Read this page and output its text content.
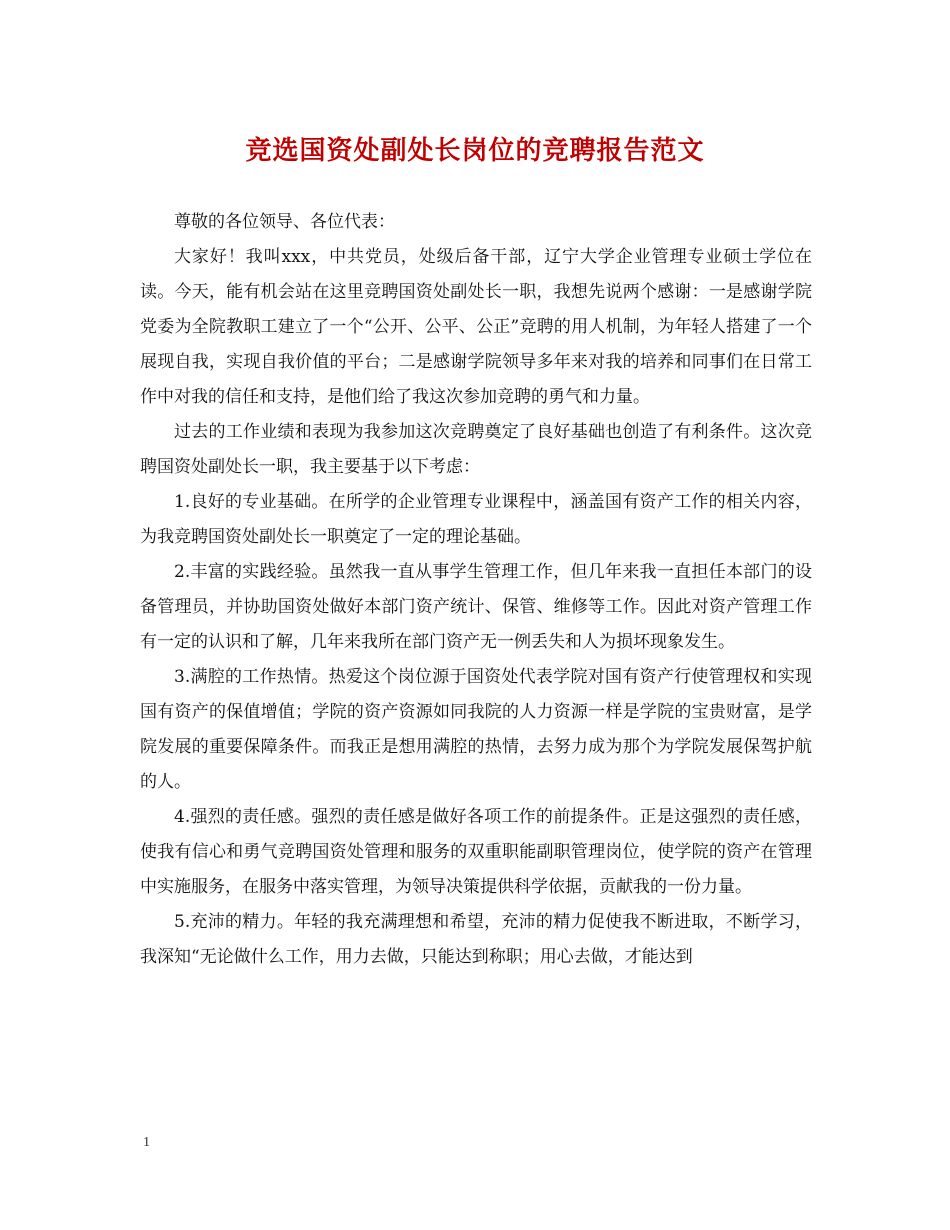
竞选国资处副处长岗位的竞聘报告范文

尊敬的各位领导、各位代表：

大家好！我叫xxx，中共党员，处级后备干部，辽宁大学企业管理专业硕士学位在读。今天，能有机会站在这里竞聘国资处副处长一职，我想先说两个感谢：一是感谢学院党委为全院教职工建立了一个“公开、公平、公正”竞聘的用人机制，为年轻人搭建了一个展现自我，实现自我价值的平台；二是感谢学院领导多年来对我的培养和同事们在日常工作中对我的信任和支持，是他们给了我这次参加竞聘的勇气和力量。

过去的工作业绩和表现为我参加这次竞聘奠定了良好基础也创造了有利条件。这次竞聘国资处副处长一职，我主要基于以下考虑：

1.良好的专业基础。在所学的企业管理专业课程中，涵盖国有资产工作的相关内容，为我竞聘国资处副处长一职奠定了一定的理论基础。

2.丰富的实践经验。虽然我一直从事学生管理工作，但几年来我一直担任本部门的设备管理员，并协助国资处做好本部门资产统计、保管、维修等工作。因此对资产管理工作有一定的认识和了解，几年来我所在部门资产无一例丢失和人为损坏现象发生。

3.满腔的工作热情。热爱这个岗位源于国资处代表学院对国有资产行使管理权和实现国有资产的保值增值；学院的资产资源如同我院的人力资源一样是学院的宝贵财富，是学院发展的重要保障条件。而我正是想用满腔的热情，去努力成为那个为学院发展保驾护航的人。

4.强烈的责任感。强烈的责任感是做好各项工作的前提条件。正是这强烈的责任感，使我有信心和勇气竞聘国资处管理和服务的双重职能副职管理岗位，使学院的资产在管理中实施服务，在服务中落实管理，为领导决策提供科学依据，贡献我的一份力量。

5.充沛的精力。年轻的我充满理想和希望，充沛的精力促使我不断进取，不断学习，我深知“无论做什么工作，用力去做，只能达到称职；用心去做，才能达到

1
